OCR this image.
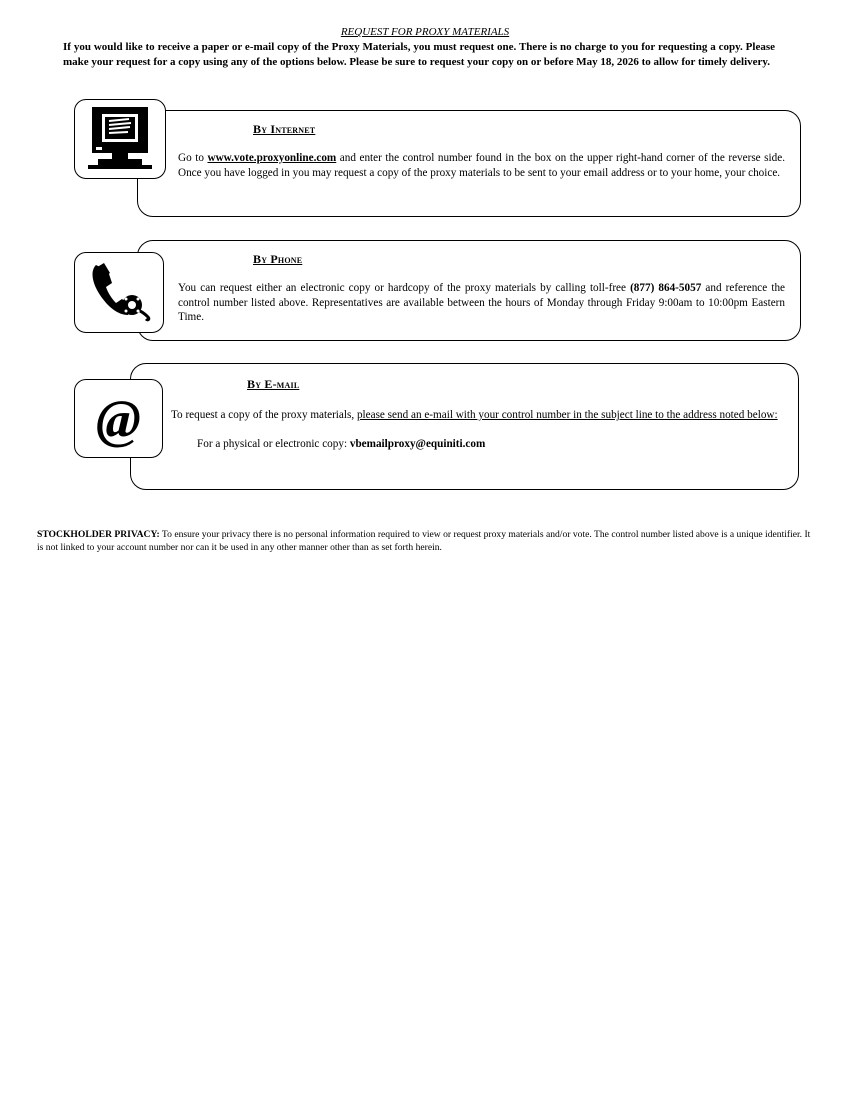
REQUEST FOR PROXY MATERIALS
If you would like to receive a paper or e-mail copy of the Proxy Materials, you must request one. There is no charge to you for requesting a copy. Please make your request for a copy using any of the options below. Please be sure to request your copy on or before May 18, 2026 to allow for timely delivery.
By Internet
Go to www.vote.proxyonline.com and enter the control number found in the box on the upper right-hand corner of the reverse side. Once you have logged in you may request a copy of the proxy materials to be sent to your email address or to your home, your choice.
By Phone
You can request either an electronic copy or hardcopy of the proxy materials by calling toll-free (877) 864-5057 and reference the control number listed above. Representatives are available between the hours of Monday through Friday 9:00am to 10:00pm Eastern Time.
@
By E-mail
To request a copy of the proxy materials, please send an e-mail with your control number in the subject line to the address noted below:
For a physical or electronic copy: vbemailproxy@equiniti.com
STOCKHOLDER PRIVACY: To ensure your privacy there is no personal information required to view or request proxy materials and/or vote. The control number listed above is a unique identifier. It is not linked to your account number nor can it be used in any other manner other than as set forth herein.
